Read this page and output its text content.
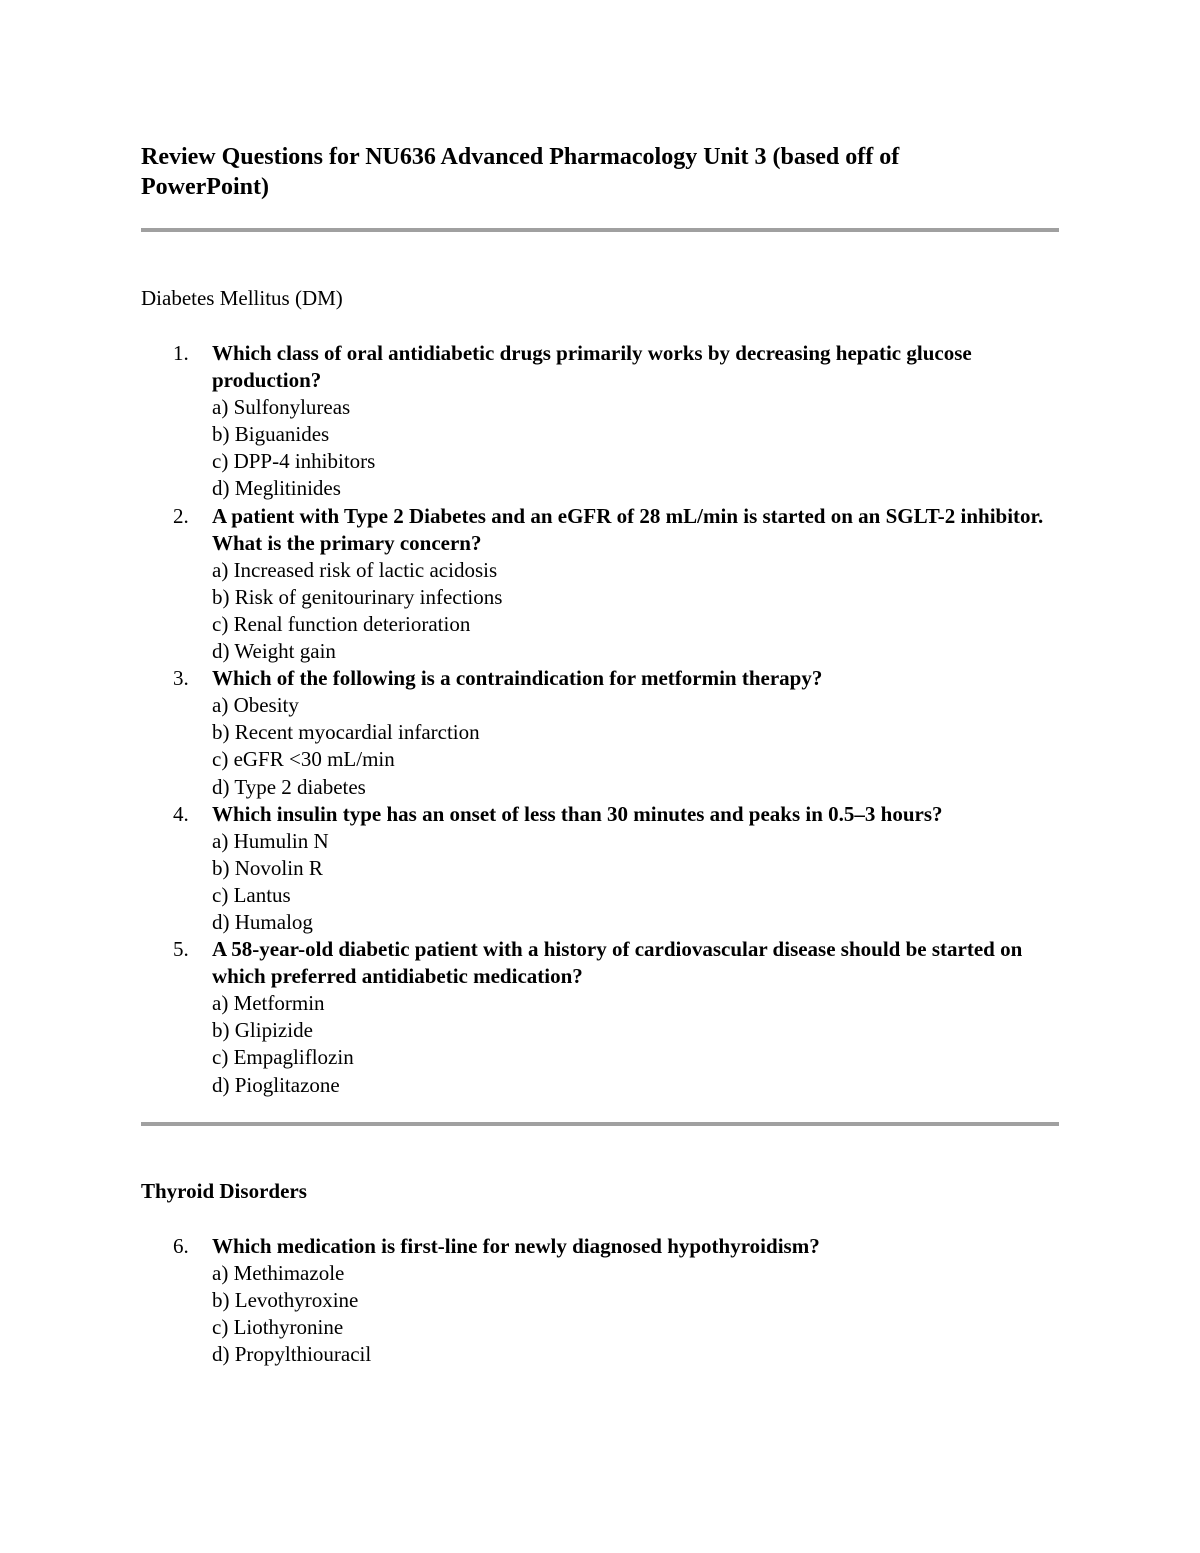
Review Questions for NU636 Advanced Pharmacology Unit 3 (based off of PowerPoint)
Diabetes Mellitus (DM)
1. Which class of oral antidiabetic drugs primarily works by decreasing hepatic glucose production?
a) Sulfonylureas
b) Biguanides
c) DPP-4 inhibitors
d) Meglitinides
2. A patient with Type 2 Diabetes and an eGFR of 28 mL/min is started on an SGLT-2 inhibitor. What is the primary concern?
a) Increased risk of lactic acidosis
b) Risk of genitourinary infections
c) Renal function deterioration
d) Weight gain
3. Which of the following is a contraindication for metformin therapy?
a) Obesity
b) Recent myocardial infarction
c) eGFR <30 mL/min
d) Type 2 diabetes
4. Which insulin type has an onset of less than 30 minutes and peaks in 0.5–3 hours?
a) Humulin N
b) Novolin R
c) Lantus
d) Humalog
5. A 58-year-old diabetic patient with a history of cardiovascular disease should be started on which preferred antidiabetic medication?
a) Metformin
b) Glipizide
c) Empagliflozin
d) Pioglitazone
Thyroid Disorders
6. Which medication is first-line for newly diagnosed hypothyroidism?
a) Methimazole
b) Levothyroxine
c) Liothyronine
d) Propylthiouracil
